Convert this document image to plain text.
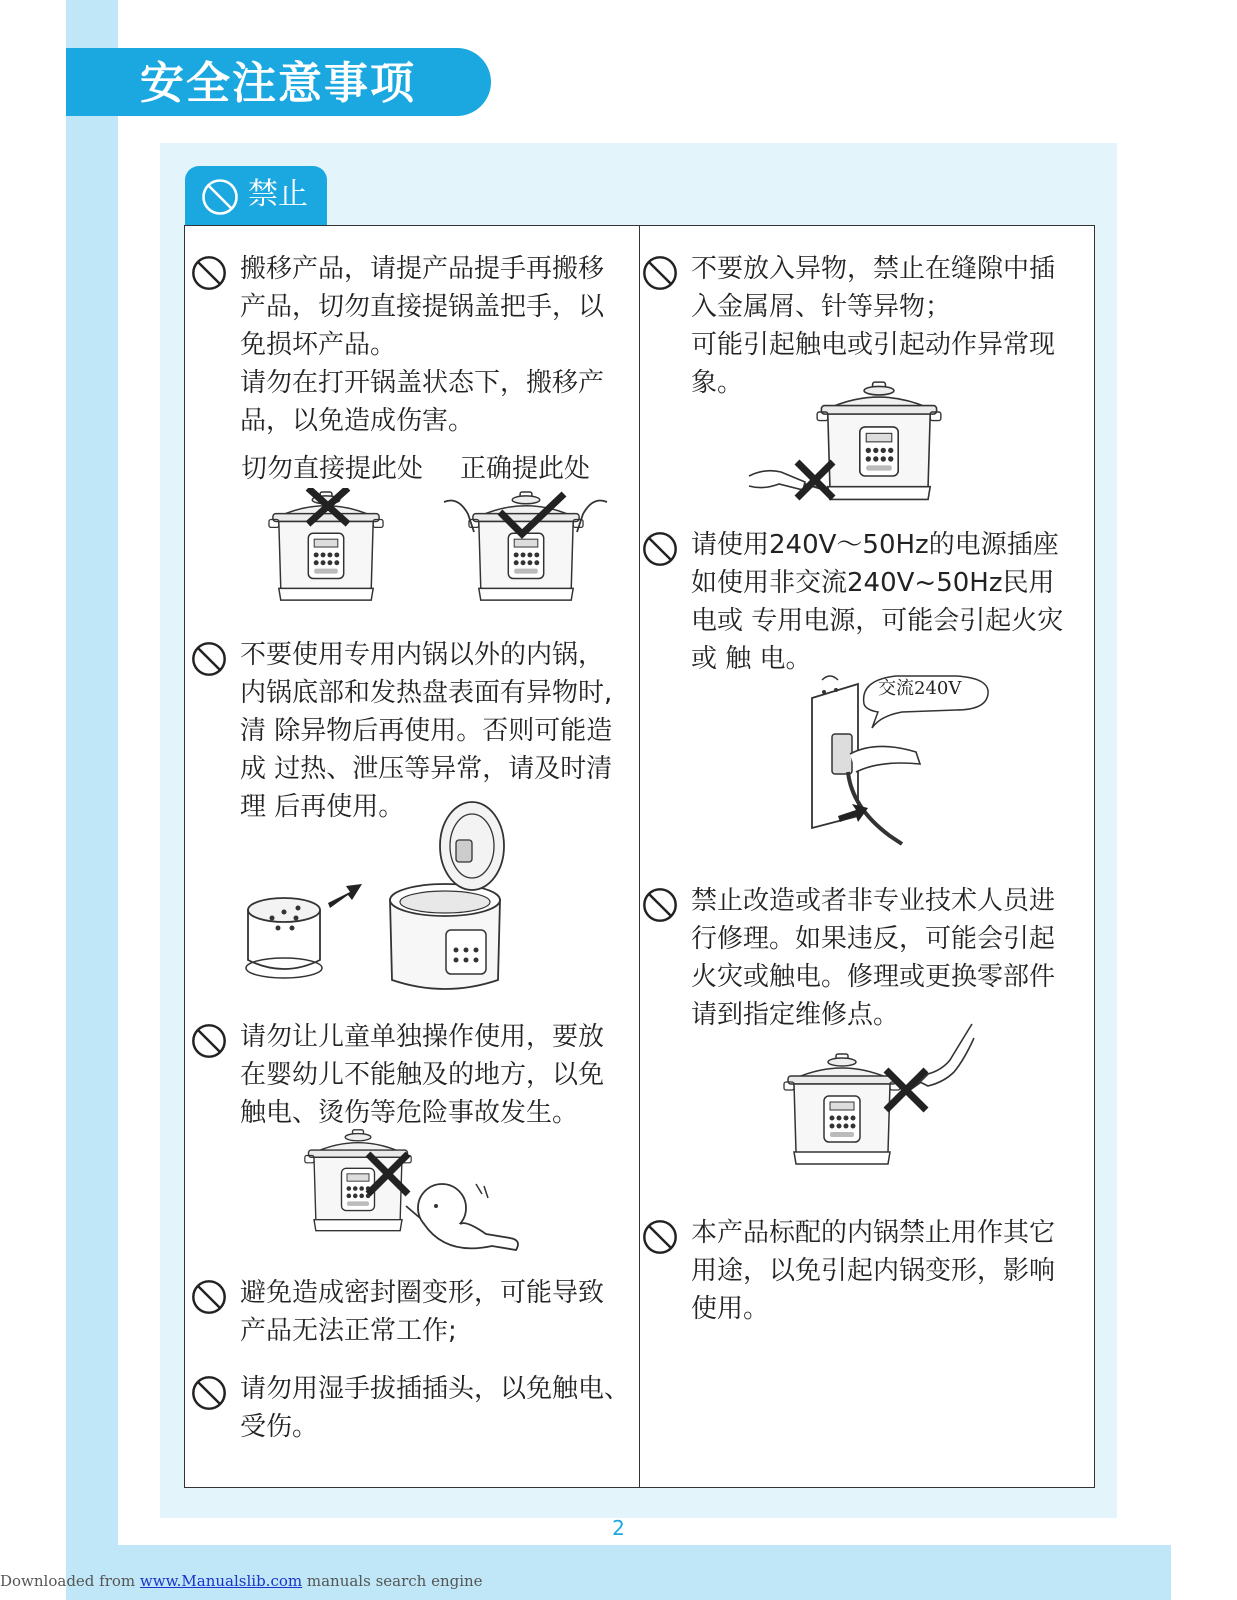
安全注意事项
禁止
搬移产品，请提产品提手再搬移
产品，切勿直接提锅盖把手，以
免损坏产品。
请勿在打开锅盖状态下，搬移产
品，以免造成伤害。
切勿直接提此处 正确提此处
不要使用专用内锅以外的内锅，
内锅底部和发热盘表面有异物时,
清 除异物后再使用。否则可能造
成 过热、泄压等异常，请及时清
理 后再使用。
请勿让儿童单独操作使用，要放
在婴幼儿不能触及的地方，以免
触电、烫伤等危险事故发生。
避免造成密封圈变形，可能导致
产品无法正常工作;
请勿用湿手拔插插头，以免触电、
受伤。
不要放入异物，禁止在缝隙中插
入金属屑、针等异物；
可能引起触电或引起动作异常现
象。
请使用240V～50Hz的电源插座
如使用非交流240V~50Hz民用
电或 专用电源，可能会引起火灾
或 触 电。
交流240V
禁止改造或者非专业技术人员进
行修理。如果违反，可能会引起
火灾或触电。修理或更换零部件
请到指定维修点。
本产品标配的内锅禁止用作其它
用途，以免引起内锅变形，影响
使用。
2
Downloaded from www.Manualslib.com manuals search engine
